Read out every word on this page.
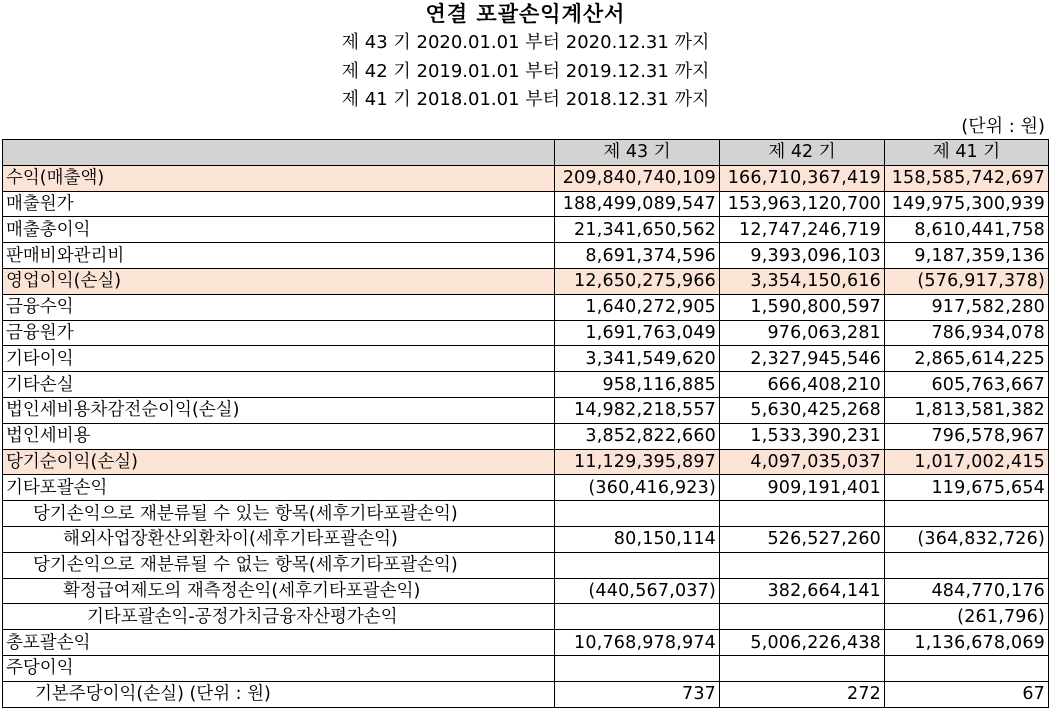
연결 포괄손익계산서
제 43 기 2020.01.01 부터 2020.12.31 까지
제 42 기 2019.01.01 부터 2019.12.31 까지
제 41 기 2018.01.01 부터 2018.12.31 까지
(단위 : 원)
	제 43 기	제 42 기	제 41 기
수익(매출액)	209,840,740,109	166,710,367,419	158,585,742,697
매출원가	188,499,089,547	153,963,120,700	149,975,300,939
매출총이익	21,341,650,562	12,747,246,719	8,610,441,758
판매비와관리비	8,691,374,596	9,393,096,103	9,187,359,136
영업이익(손실)	12,650,275,966	3,354,150,616	(576,917,378)
금융수익	1,640,272,905	1,590,800,597	917,582,280
금융원가	1,691,763,049	976,063,281	786,934,078
기타이익	3,341,549,620	2,327,945,546	2,865,614,225
기타손실	958,116,885	666,408,210	605,763,667
법인세비용차감전순이익(손실)	14,982,218,557	5,630,425,268	1,813,581,382
법인세비용	3,852,822,660	1,533,390,231	796,578,967
당기순이익(손실)	11,129,395,897	4,097,035,037	1,017,002,415
기타포괄손익	(360,416,923)	909,191,401	119,675,654
당기손익으로 재분류될 수 있는 항목(세후기타포괄손익)			
해외사업장환산외환차이(세후기타포괄손익)	80,150,114	526,527,260	(364,832,726)
당기손익으로 재분류될 수 없는 항목(세후기타포괄손익)			
확정급여제도의 재측정손익(세후기타포괄손익)	(440,567,037)	382,664,141	484,770,176
기타포괄손익-공정가치금융자산평가손익			(261,796)
총포괄손익	10,768,978,974	5,006,226,438	1,136,678,069
주당이익			
기본주당이익(손실) (단위 : 원)	737	272	67
